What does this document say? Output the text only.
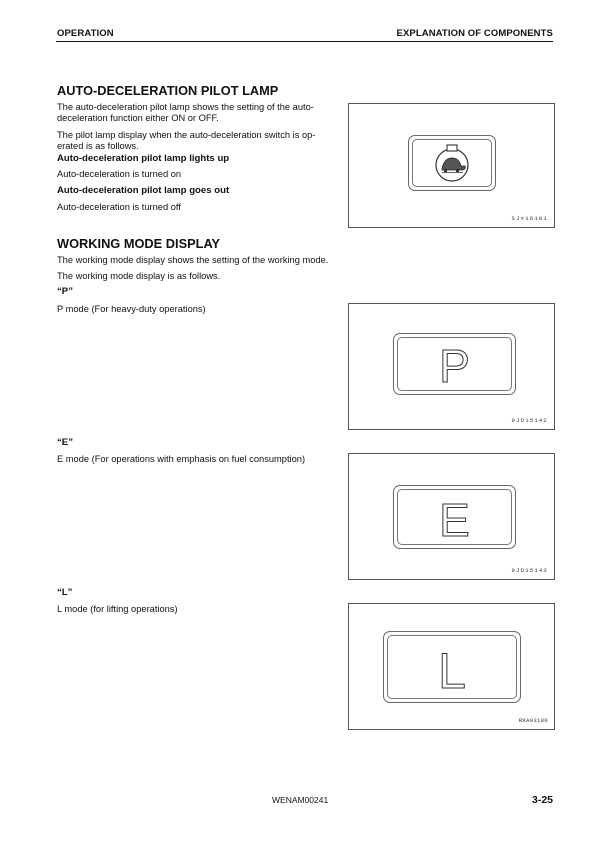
OPERATION	EXPLANATION OF COMPONENTS
AUTO-DECELERATION PILOT LAMP
The auto-deceleration pilot lamp shows the setting of the auto-
deceleration function either ON or OFF.
The pilot lamp display when the auto-deceleration switch is op-
erated is as follows.
Auto-deceleration pilot lamp lights up
Auto-deceleration is turned on
Auto-deceleration pilot lamp goes out
Auto-deceleration is turned off
SJ#16181
WORKING MODE DISPLAY
The working mode display shows the setting of the working mode.
The working mode display is as follows.
“P”
P mode (For heavy-duty operations)
P
9JD15142
“E”
E mode (For operations with emphasis on fuel consumption)
E
9JD15143
“L”
L mode (for lifting operations)
L
RKA03180
WENAM00241	3-25
